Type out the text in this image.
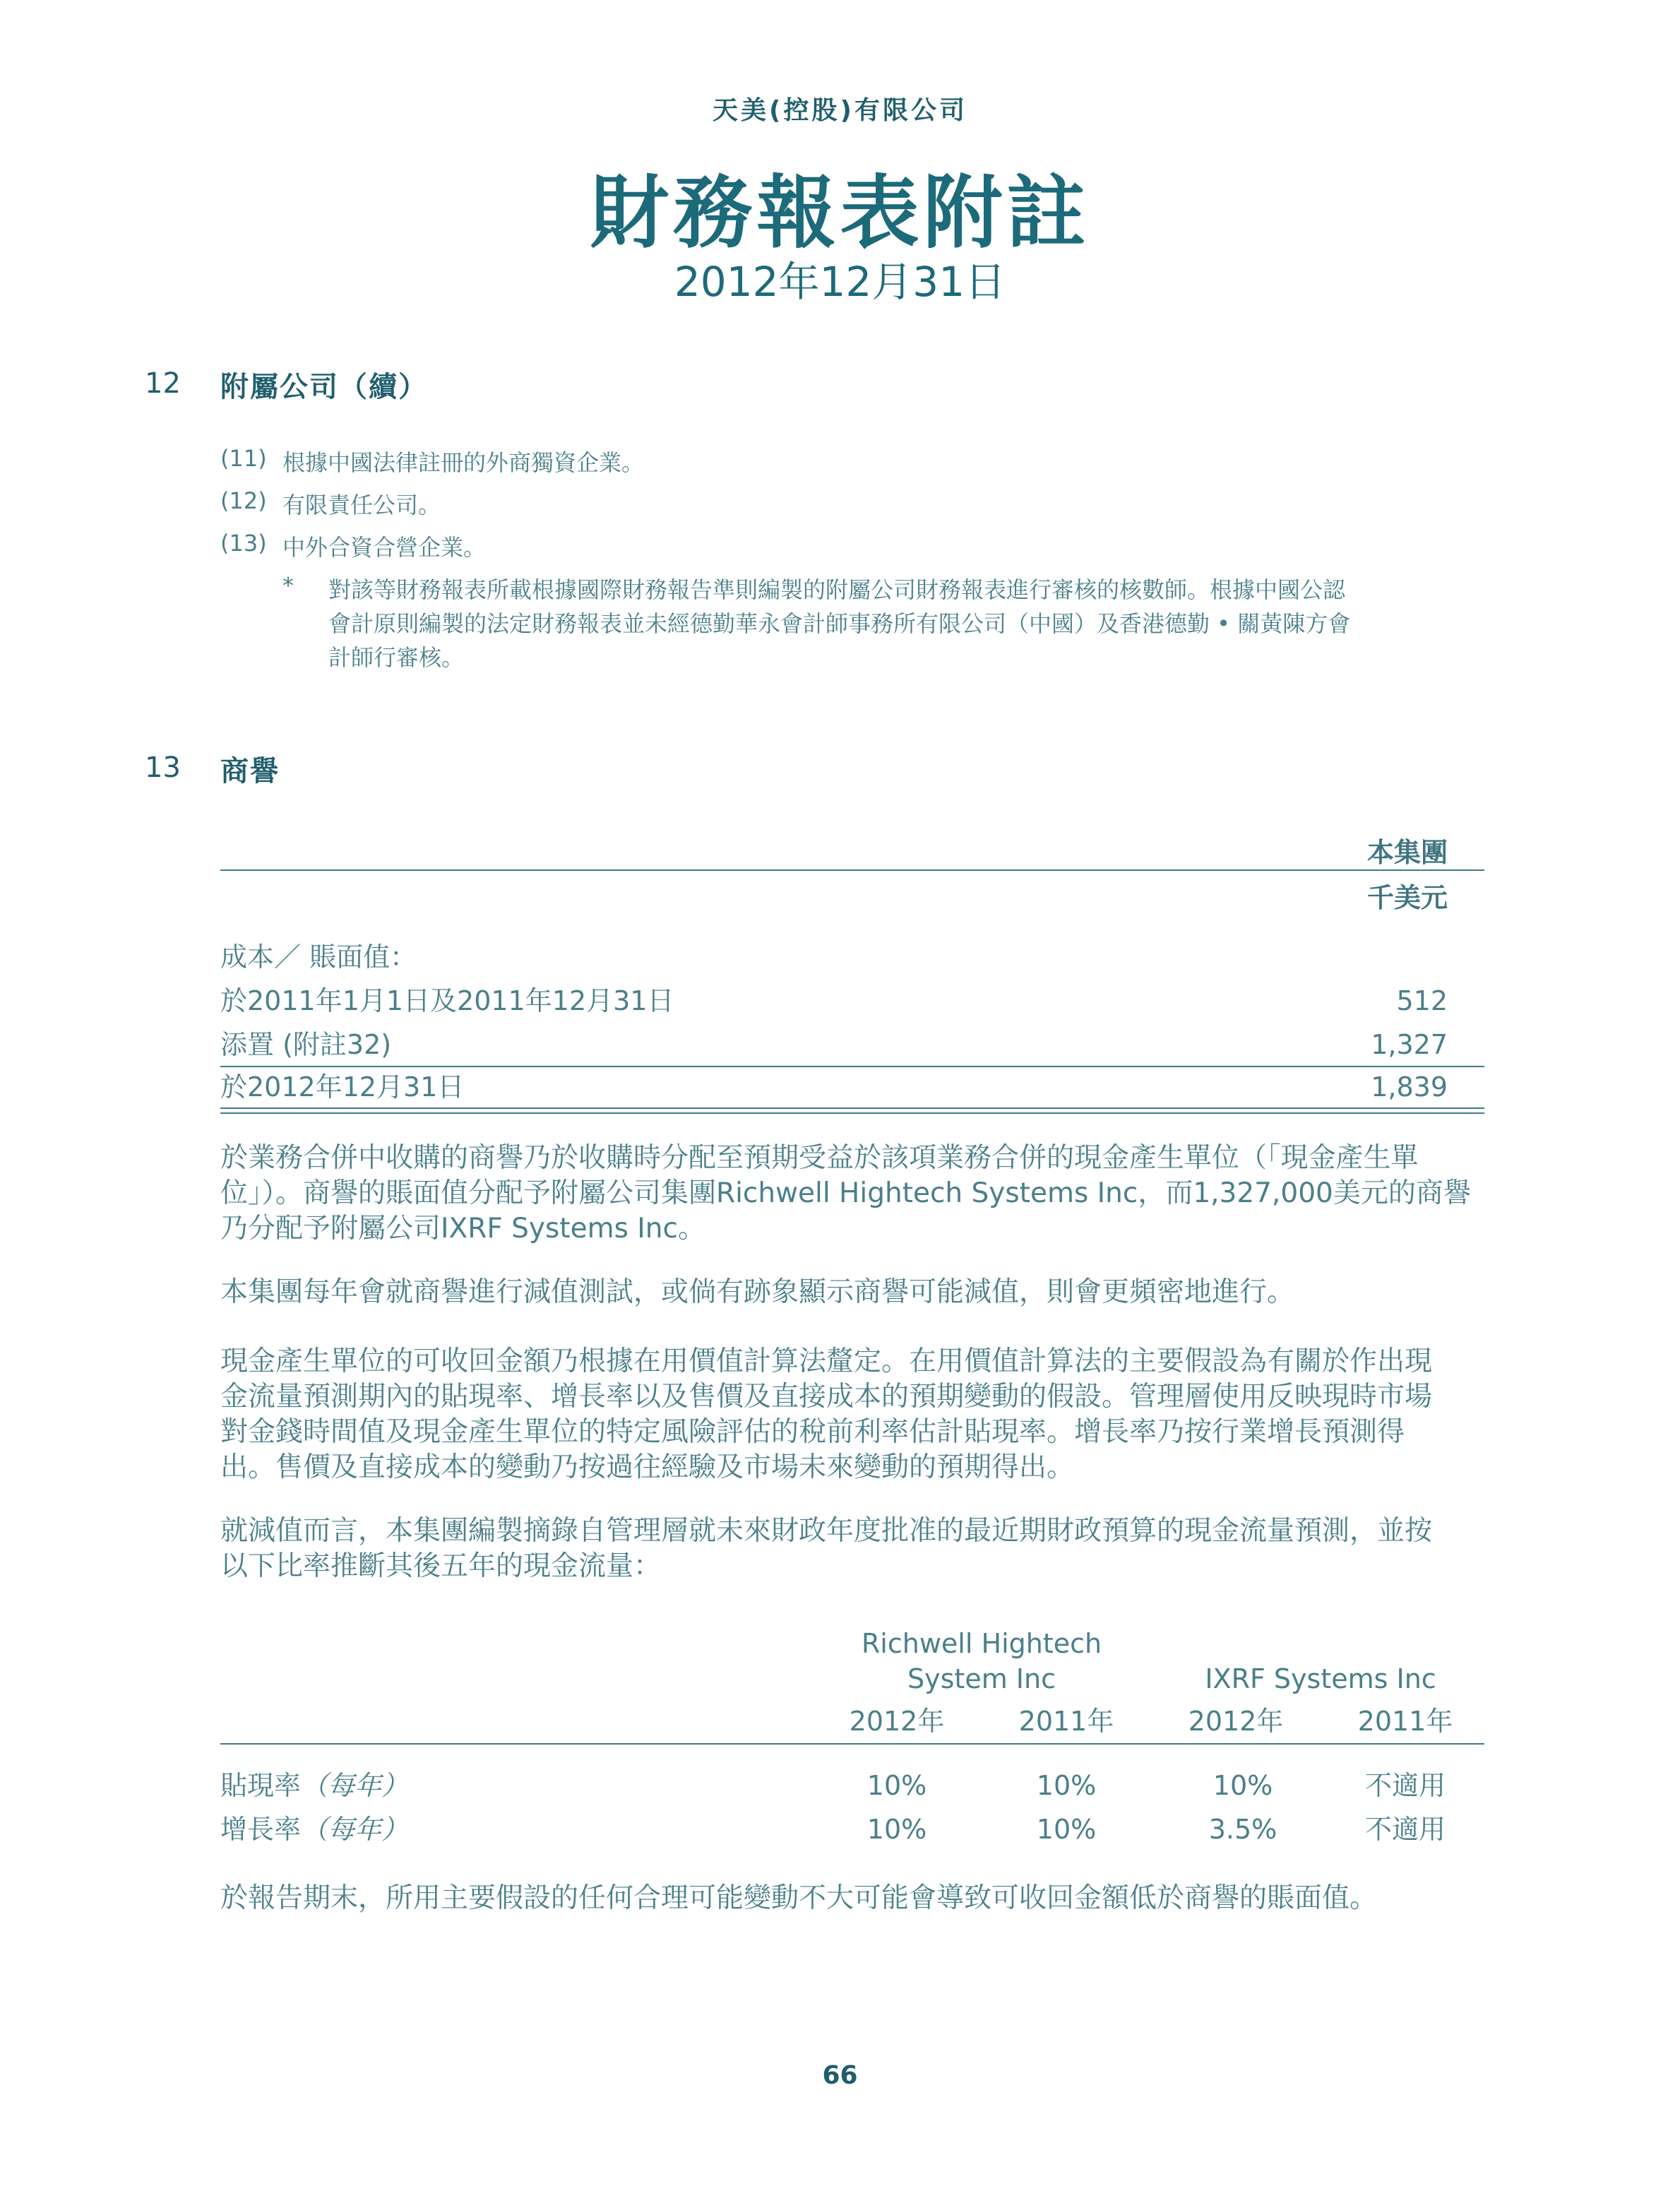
天美(控股)有限公司
財務報表附註
2012年12月31日
12 附屬公司（續）
(11) 根據中國法律註冊的外商獨資企業。
(12) 有限責任公司。
(13) 中外合資合營企業。
* 對該等財務報表所載根據國際財務報告準則編製的附屬公司財務報表進行審核的核數師。根據中國公認
會計原則編製的法定財務報表並未經德勤華永會計師事務所有限公司（中國）及香港德勤 • 關黃陳方會
計師行審核。
13 商譽
本集團
千美元
成本／ 賬面值：
於2011年1月1日及2011年12月31日	512
添置 (附註32)	1,327
於2012年12月31日	1,839
於業務合併中收購的商譽乃於收購時分配至預期受益於該項業務合併的現金產生單位（「現金產生單
位」）。商譽的賬面值分配予附屬公司集團Richwell Hightech Systems Inc，而1,327,000美元的商譽
乃分配予附屬公司IXRF Systems Inc。
本集團每年會就商譽進行減值測試，或倘有跡象顯示商譽可能減值，則會更頻密地進行。
現金產生單位的可收回金額乃根據在用價值計算法釐定。在用價值計算法的主要假設為有關於作出現
金流量預測期內的貼現率、增長率以及售價及直接成本的預期變動的假設。管理層使用反映現時市場
對金錢時間值及現金產生單位的特定風險評估的稅前利率估計貼現率。增長率乃按行業增長預測得
出。售價及直接成本的變動乃按過往經驗及市場未來變動的預期得出。
就減值而言，本集團編製摘錄自管理層就未來財政年度批准的最近期財政預算的現金流量預測，並按
以下比率推斷其後五年的現金流量：
Richwell Hightech
System Inc	IXRF Systems Inc
2012年	2011年	2012年	2011年
貼現率（每年）	10%	10%	10%	不適用
增長率（每年）	10%	10%	3.5%	不適用
於報告期末，所用主要假設的任何合理可能變動不大可能會導致可收回金額低於商譽的賬面值。
66
